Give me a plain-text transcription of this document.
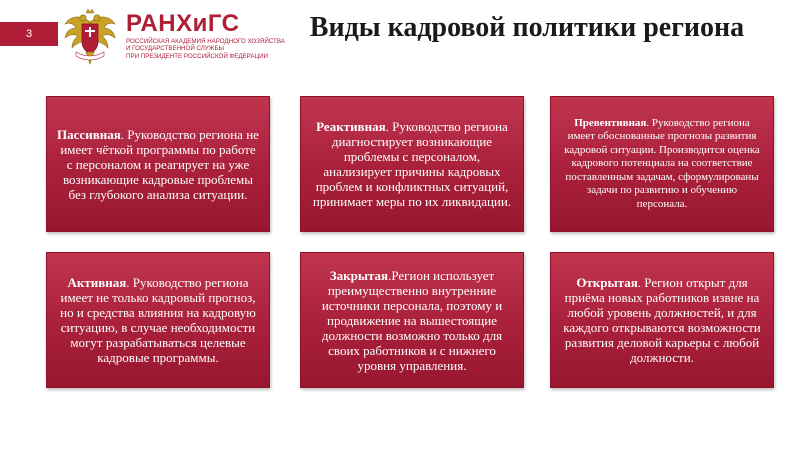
3	РАНХиГС
РОССИЙСКАЯ АКАДЕМИЯ НАРОДНОГО ХОЗЯЙСТВА
И ГОСУДАРСТВЕННОЙ СЛУЖБЫ
ПРИ ПРЕЗИДЕНТЕ РОССИЙСКОЙ ФЕДЕРАЦИИ
Виды кадровой политики региона
Пассивная. Руководство региона не имеет чёткой программы по работе с персоналом и реагирует на уже возникающие кадровые проблемы без глубокого анализа ситуации.
Реактивная. Руководство региона диагностирует возникающие проблемы с персоналом, анализирует причины кадровых проблем и конфликтных ситуаций, принимает меры по их ликвидации.
Превентивная. Руководство региона имеет обоснованные прогнозы развития кадровой ситуации. Производится оценка кадрового потенциала на соответствие поставленным задачам, сформулированы задачи по развитию и обучению персонала.
Активная. Руководство региона имеет не только кадровый прогноз, но и средства влияния на кадровую ситуацию, в случае необходимости могут разрабатываться целевые кадровые программы.
Закрытая.Регион использует преимущественно внутренние источники персонала, поэтому и продвижение на вышестоящие должности возможно только для своих работников и с нижнего уровня управления.
Открытая. Регион открыт для приёма новых работников извне на любой уровень должностей, и для каждого открываются возможности развития деловой карьеры с любой должности.
